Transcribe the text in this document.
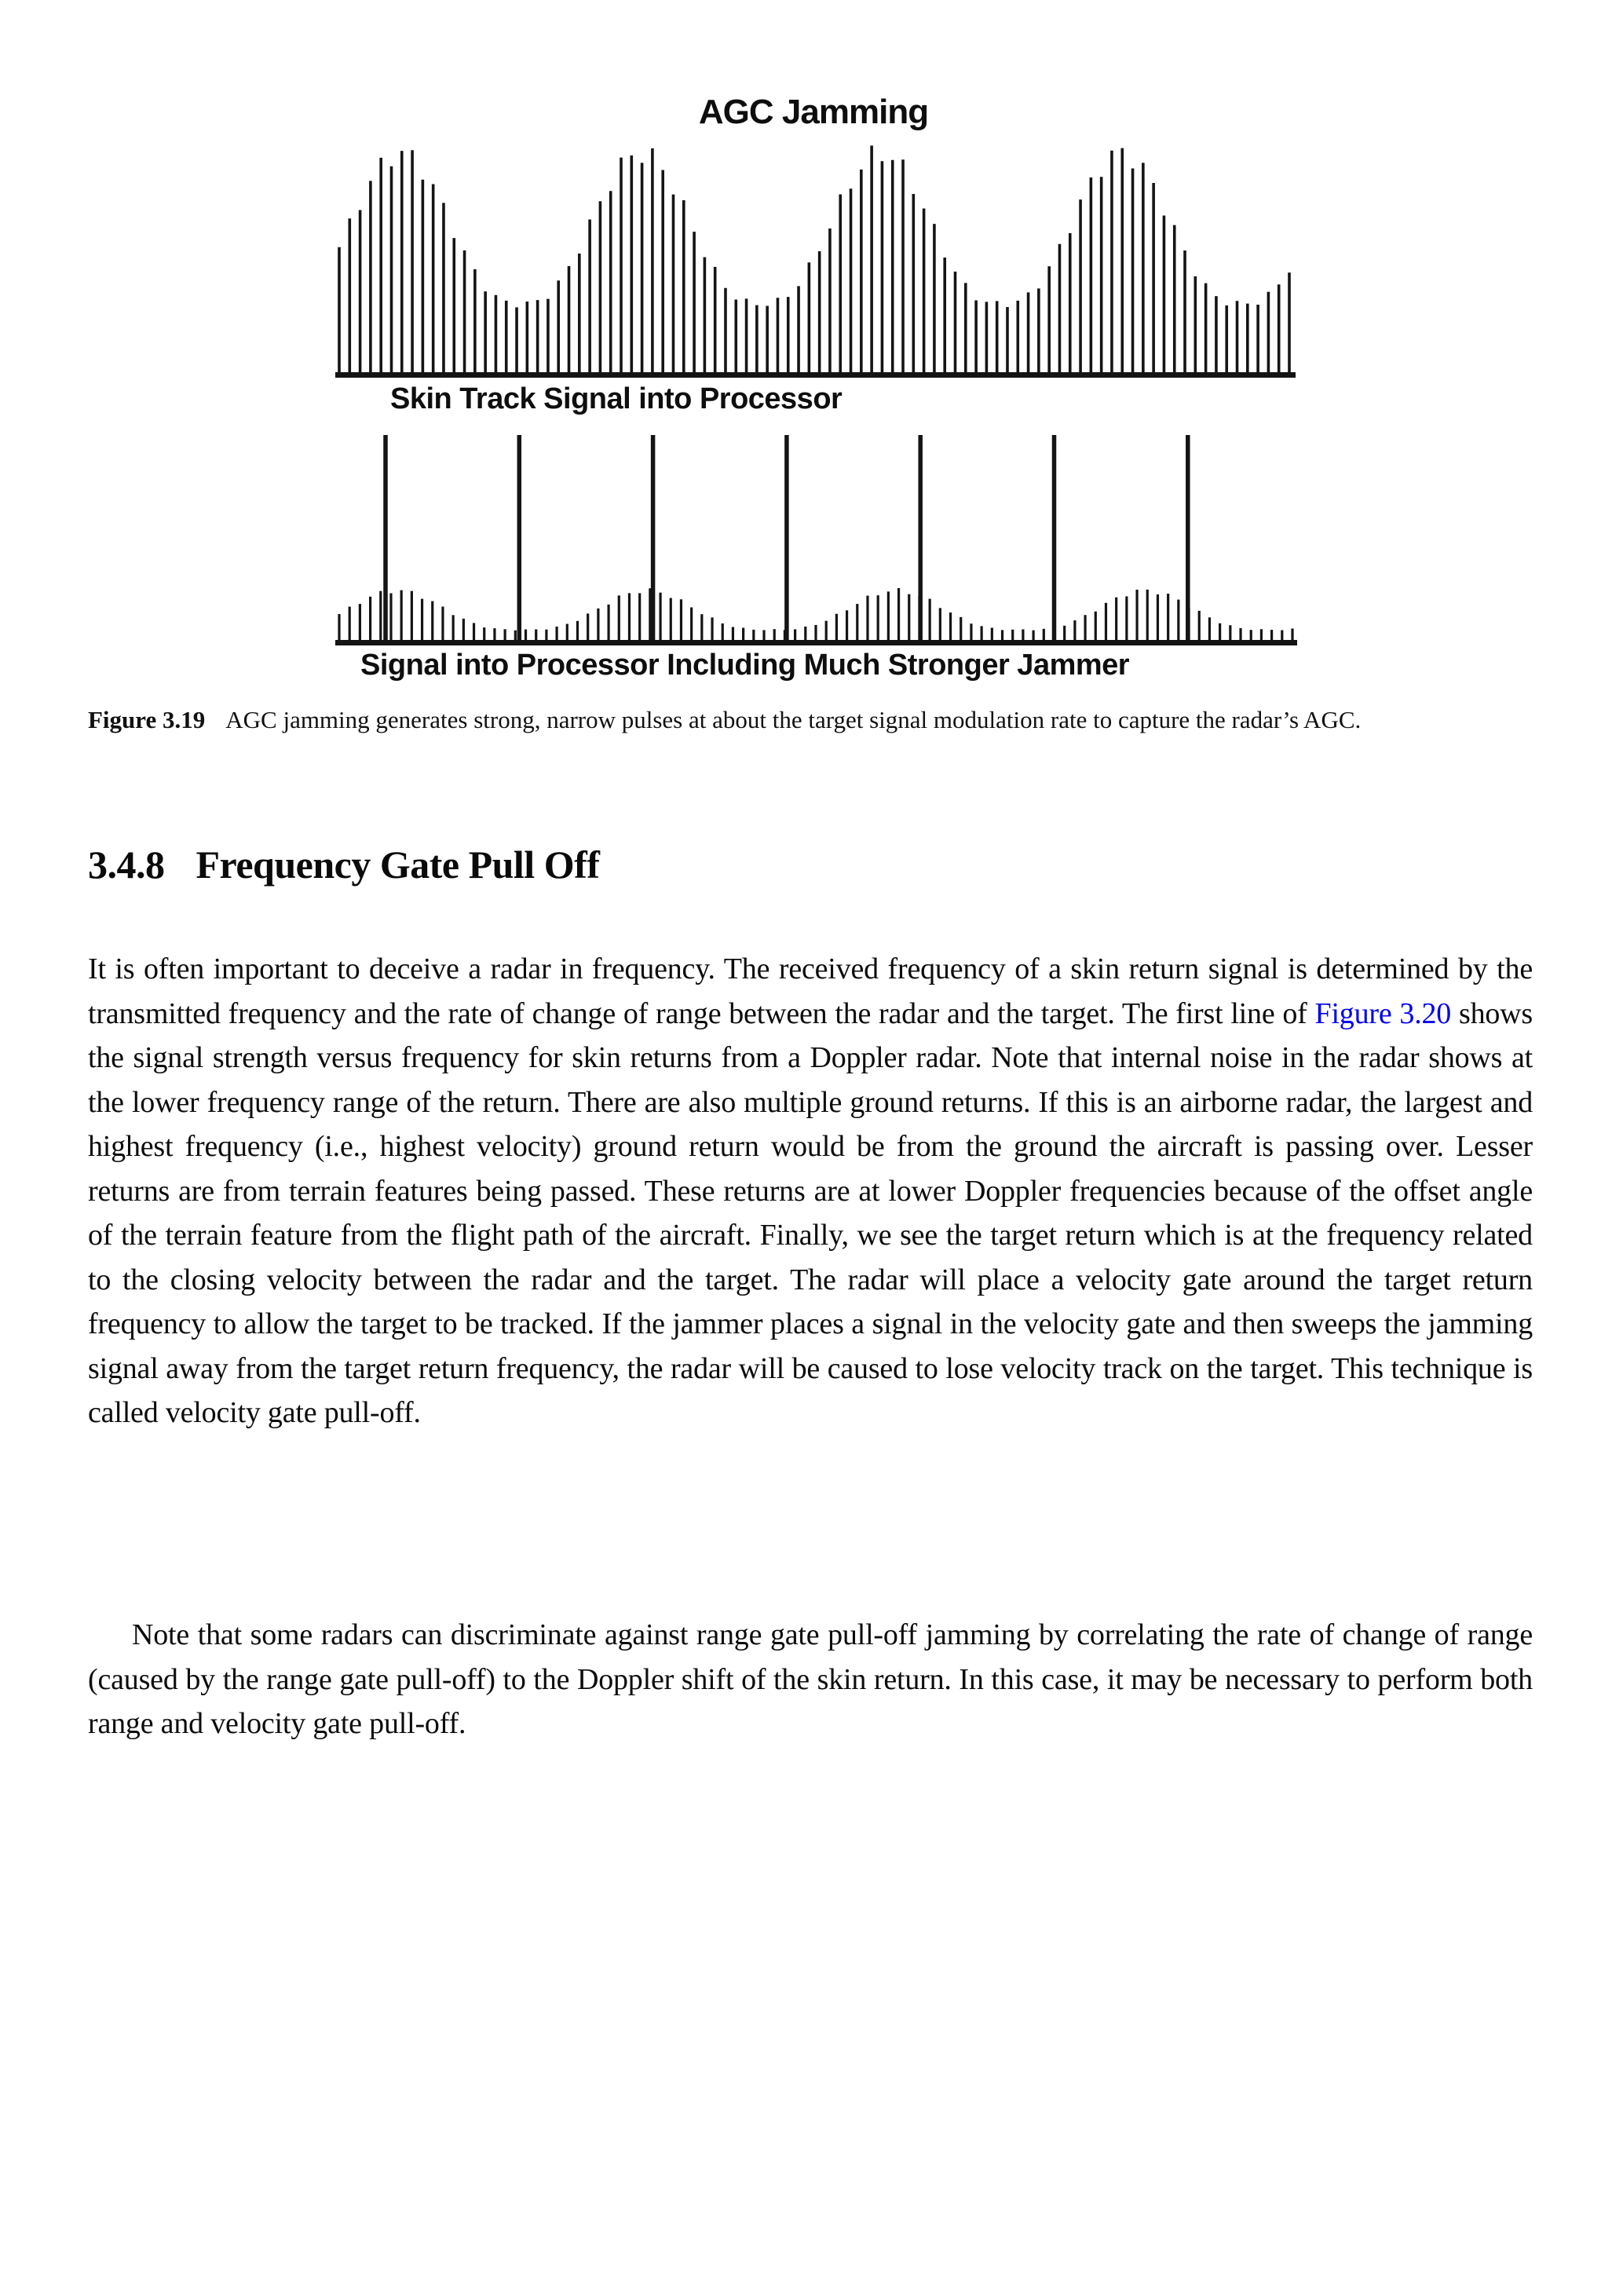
AGC Jamming
Skin Track Signal into Processor
Signal into Processor Including Much Stronger Jammer
Figure 3.19 AGC jamming generates strong, narrow pulses at about the target signal modulation rate to capture the radar’s AGC.
3.4.8 Frequency Gate Pull Off

It is often important to deceive a radar in frequency. The received frequency of a skin return signal is determined by the transmitted frequency and the rate of change of range between the radar and the target. The first line of Figure 3.20 shows the signal strength versus frequency for skin returns from a Doppler radar. Note that internal noise in the radar shows at the lower frequency range of the return. There are also multiple ground returns. If this is an airborne radar, the largest and highest frequency (i.e., highest velocity) ground return would be from the ground the aircraft is passing over. Lesser returns are from terrain features being passed. These returns are at lower Doppler frequencies because of the offset angle of the terrain feature from the flight path of the aircraft. Finally, we see the target return which is at the frequency related to the closing velocity between the radar and the target. The radar will place a velocity gate around the target return frequency to allow the target to be tracked. If the jammer places a signal in the velocity gate and then sweeps the jamming signal away from the target return frequency, the radar will be caused to lose velocity track on the target. This technique is called velocity gate pull-off.

Note that some radars can discriminate against range gate pull-off jamming by correlating the rate of change of range (caused by the range gate pull-off) to the Doppler shift of the skin return. In this case, it may be necessary to perform both range and velocity gate pull-off.
